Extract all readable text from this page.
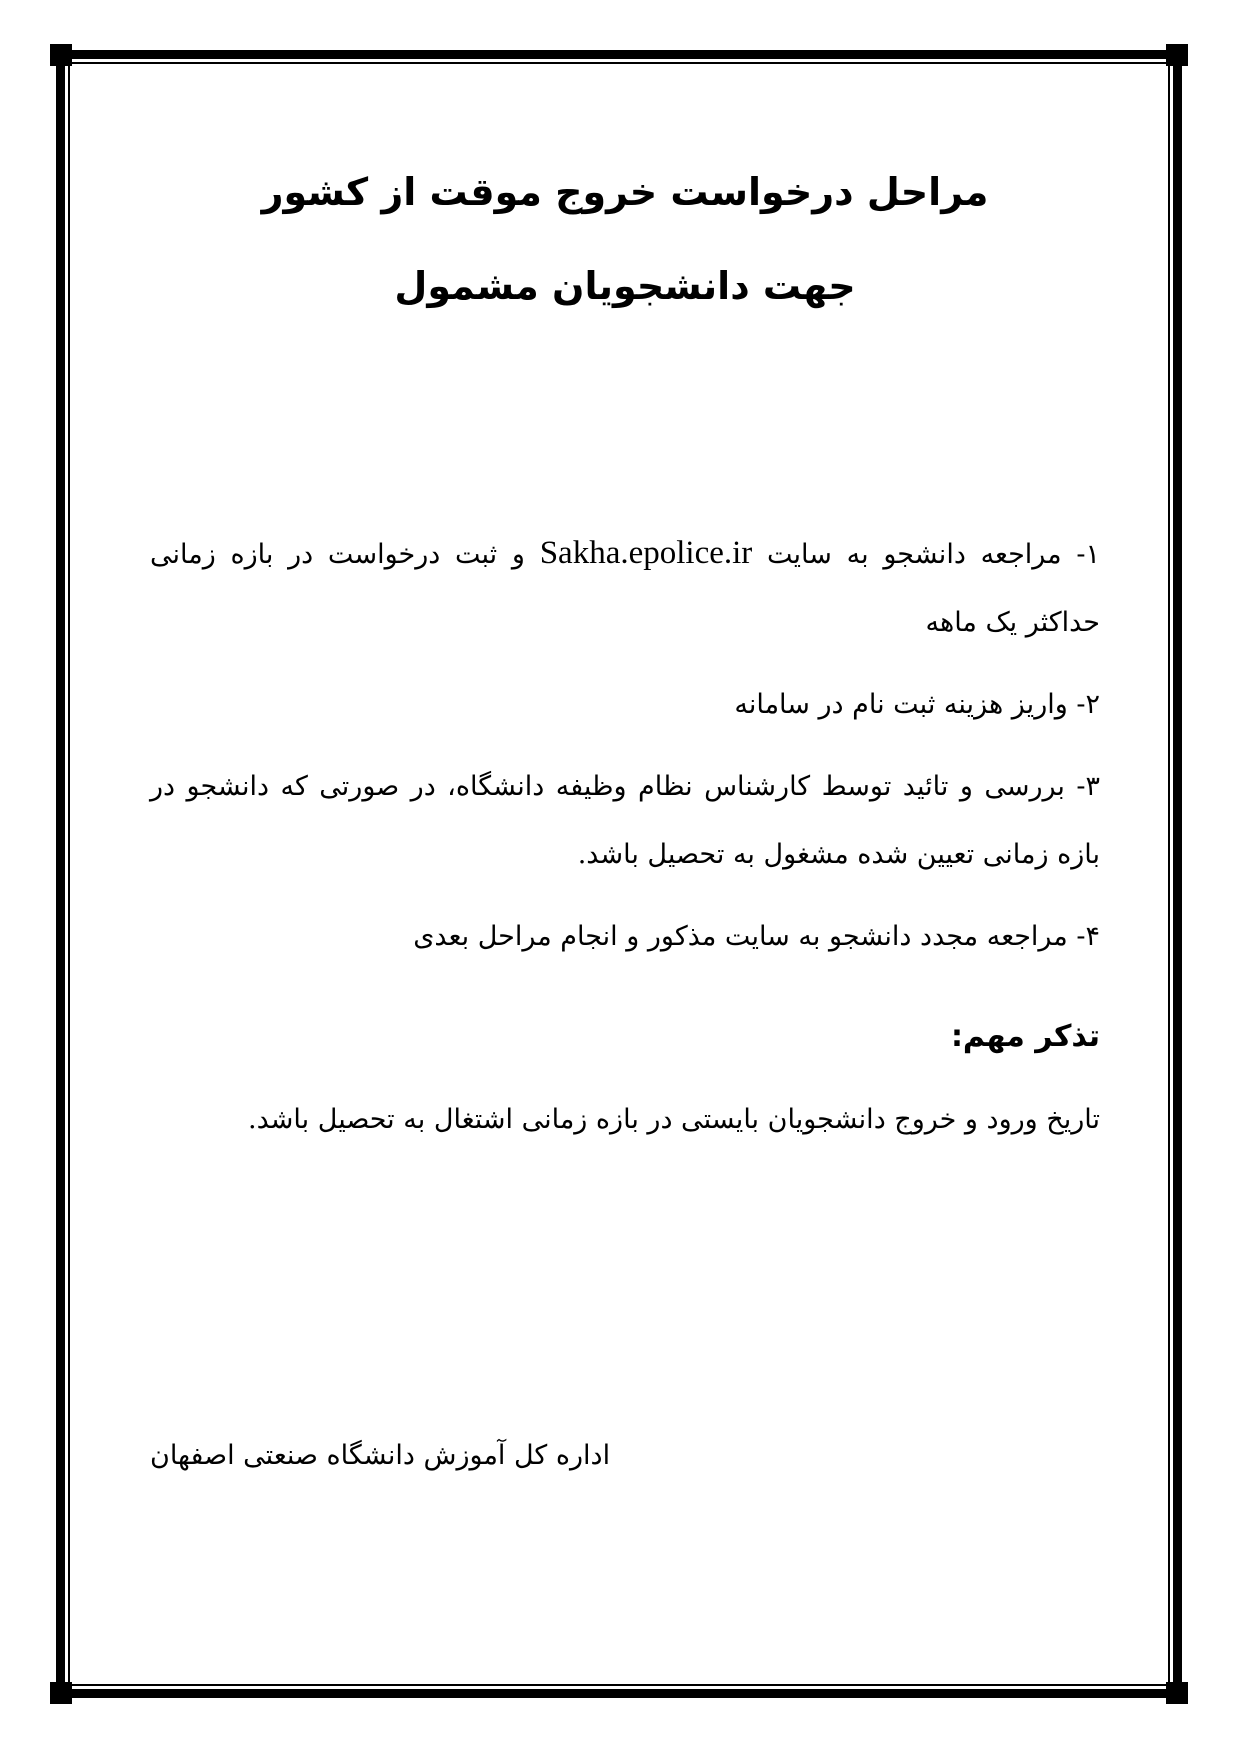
مراحل درخواست خروج موقت از کشور
جهت دانشجویان مشمول

۱- مراجعه دانشجو به سایت Sakha.epolice.ir و ثبت درخواست در بازه زمانی حداکثر یک ماهه

۲- واریز هزینه ثبت نام در سامانه

۳- بررسی و تائید توسط کارشناس نظام وظیفه دانشگاه، در صورتی که دانشجو در بازه زمانی تعیین شده مشغول به تحصیل باشد.

۴- مراجعه مجدد دانشجو به سایت مذکور و انجام مراحل بعدی

تذکر مهم:
تاریخ ورود و خروج دانشجویان بایستی در بازه زمانی اشتغال به تحصیل باشد.
اداره کل آموزش دانشگاه صنعتی اصفهان
